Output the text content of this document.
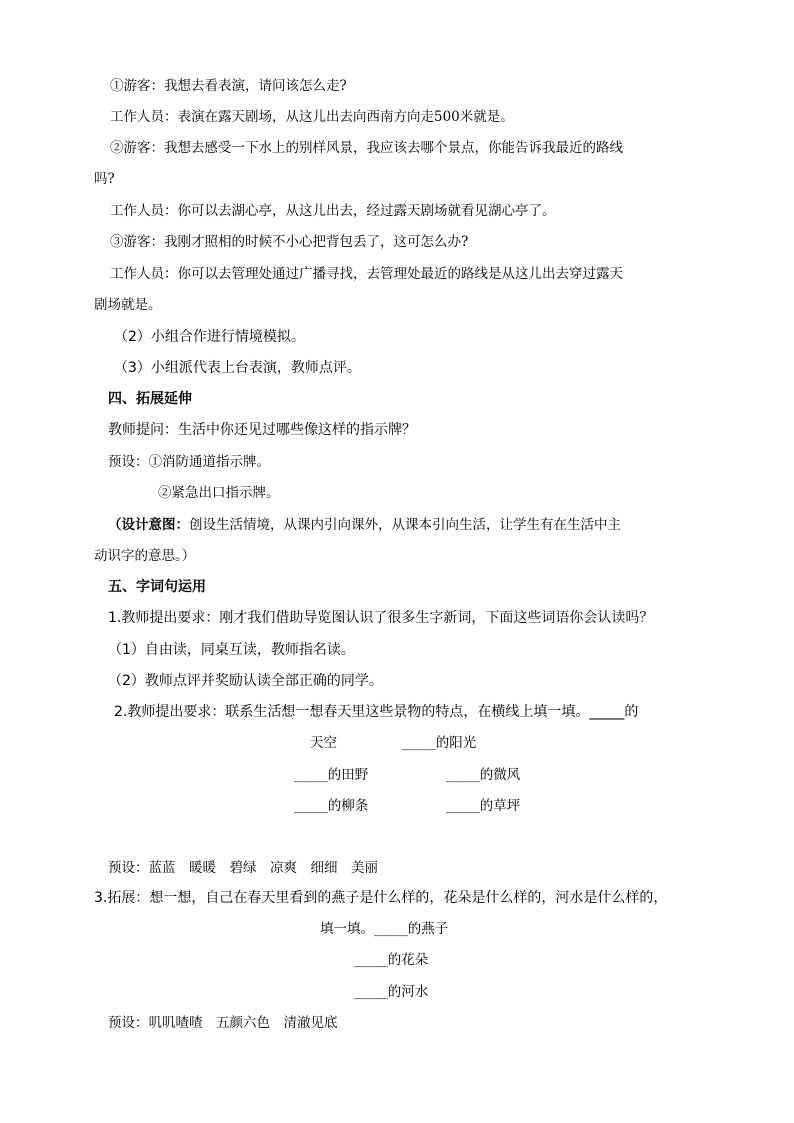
①游客：我想去看表演，请问该怎么走?
工作人员：表演在露天剧场，从这儿出去向西南方向走500米就是。
②游客：我想去感受一下水上的别样风景，我应该去哪个景点，你能告诉我最近的路线
吗?
工作人员：你可以去湖心亭，从这儿出去，经过露天剧场就看见湖心亭了。
③游客：我刚才照相的时候不小心把背包丢了，这可怎么办?
工作人员：你可以去管理处通过广播寻找，去管理处最近的路线是从这儿出去穿过露天
剧场就是。
（2）小组合作进行情境模拟。
（3）小组派代表上台表演，教师点评。
四、拓展延伸
教师提问：生活中你还见过哪些像这样的指示牌？
预设：①消防通道指示牌。
②紧急出口指示牌。
（设计意图：创设生活情境，从课内引向课外，从课本引向生活，让学生有在生活中主
动识字的意思。）
五、字词句运用
1.教师提出要求：刚才我们借助导览图认识了很多生字新词，下面这些词语你会认读吗？
（1）自由读，同桌互读，教师指名读。
（2）教师点评并奖励认读全部正确的同学。
2.教师提出要求：联系生活想一想春天里这些景物的特点，在横线上填一填。_____的
天空	_____的阳光
_____的田野	_____的微风
_____的柳条	_____的草坪
预设：蓝蓝　暖暖　碧绿　凉爽　细细　美丽
3.拓展：想一想，自己在春天里看到的燕子是什么样的，花朵是什么样的，河水是什么样的，
填一填。_____的燕子
_____的花朵
_____的河水
预设：叽叽喳喳　五颜六色　清澈见底
